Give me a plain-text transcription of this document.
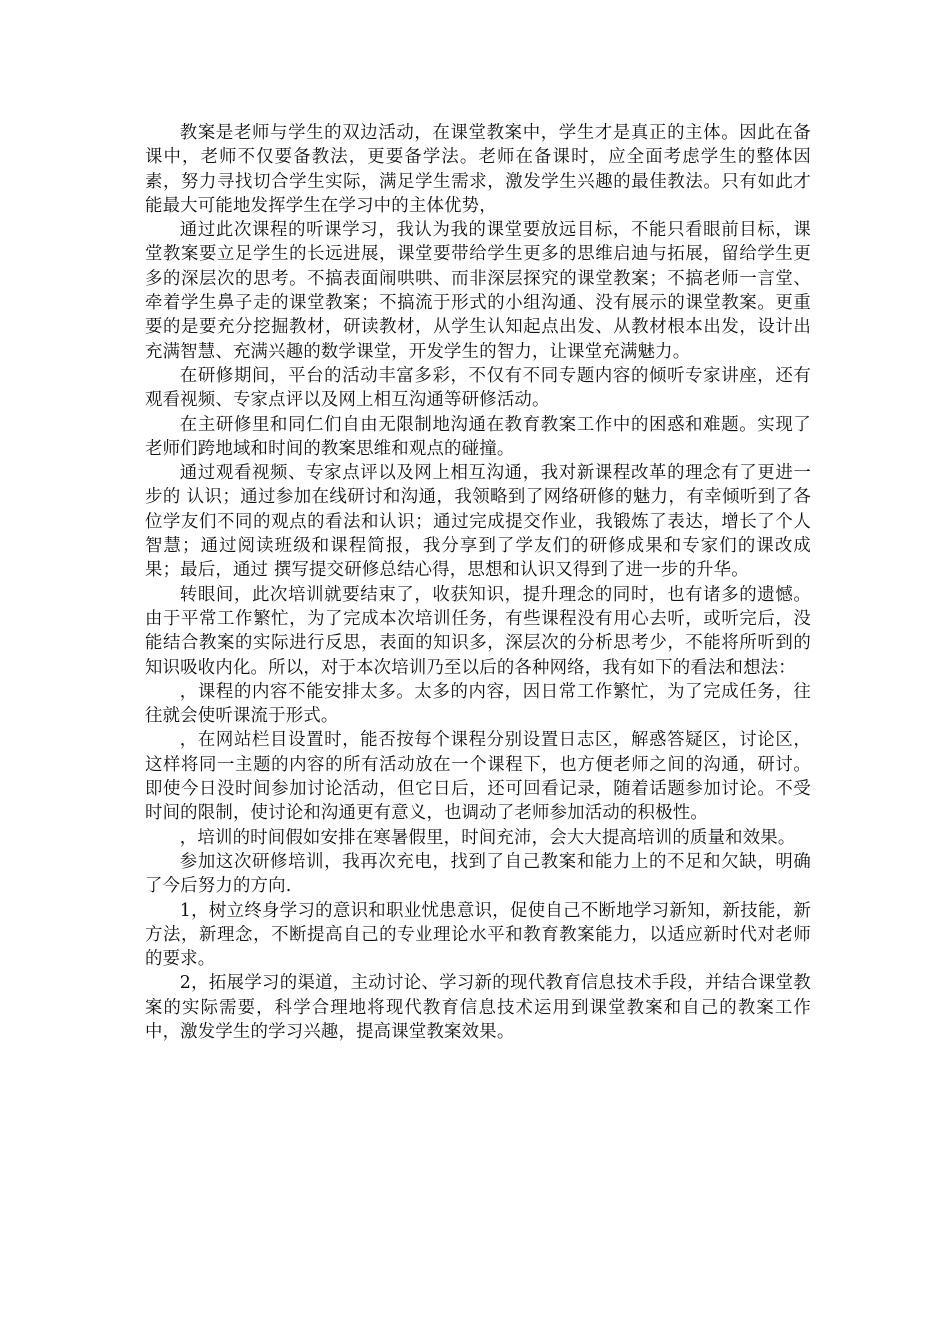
教案是老师与学生的双边活动，在课堂教案中，学生才是真正的主体。因此在备课中，老师不仅要备教法，更要备学法。老师在备课时，应全面考虑学生的整体因素，努力寻找切合学生实际，满足学生需求，激发学生兴趣的最佳教法。只有如此才能最大可能地发挥学生在学习中的主体优势，

通过此次课程的听课学习，我认为我的课堂要放远目标，不能只看眼前目标，课堂教案要立足学生的长远进展，课堂要带给学生更多的思维启迪与拓展，留给学生更多的深层次的思考。不搞表面闹哄哄、而非深层探究的课堂教案；不搞老师一言堂、牵着学生鼻子走的课堂教案；不搞流于形式的小组沟通、没有展示的课堂教案。更重要的是要充分挖掘教材，研读教材，从学生认知起点出发、从教材根本出发，设计出充满智慧、充满兴趣的数学课堂，开发学生的智力，让课堂充满魅力。

在研修期间，平台的活动丰富多彩，不仅有不同专题内容的倾听专家讲座，还有观看视频、专家点评以及网上相互沟通等研修活动。

在主研修里和同仁们自由无限制地沟通在教育教案工作中的困惑和难题。实现了老师们跨地域和时间的教案思维和观点的碰撞。

通过观看视频、专家点评以及网上相互沟通，我对新课程改革的理念有了更进一步的 认识；通过参加在线研讨和沟通，我领略到了网络研修的魅力，有幸倾听到了各位学友们不同的观点的看法和认识；通过完成提交作业，我锻炼了表达，增长了个人智慧；通过阅读班级和课程简报，我分享到了学友们的研修成果和专家们的课改成果；最后，通过 撰写提交研修总结心得，思想和认识又得到了进一步的升华。

转眼间，此次培训就要结束了，收获知识，提升理念的同时，也有诸多的遗憾。由于平常工作繁忙，为了完成本次培训任务，有些课程没有用心去听，或听完后，没能结合教案的实际进行反思，表面的知识多，深层次的分析思考少，不能将所听到的知识吸收内化。所以，对于本次培训乃至以后的各种网络，我有如下的看法和想法：

，课程的内容不能安排太多。太多的内容，因日常工作繁忙，为了完成任务，往往就会使听课流于形式。

，在网站栏目设置时，能否按每个课程分别设置日志区，解惑答疑区，讨论区，这样将同一主题的内容的所有活动放在一个课程下，也方便老师之间的沟通，研讨。即使今日没时间参加讨论活动，但它日后，还可回看记录，随着话题参加讨论。不受时间的限制，使讨论和沟通更有意义，也调动了老师参加活动的积极性。

，培训的时间假如安排在寒暑假里，时间充沛，会大大提高培训的质量和效果。

参加这次研修培训，我再次充电，找到了自己教案和能力上的不足和欠缺，明确了今后努力的方向.

1，树立终身学习的意识和职业忧患意识，促使自己不断地学习新知，新技能，新方法，新理念，不断提高自己的专业理论水平和教育教案能力，以适应新时代对老师的要求。

2，拓展学习的渠道，主动讨论、学习新的现代教育信息技术手段，并结合课堂教案的实际需要，科学合理地将现代教育信息技术运用到课堂教案和自己的教案工作中，激发学生的学习兴趣，提高课堂教案效果。
